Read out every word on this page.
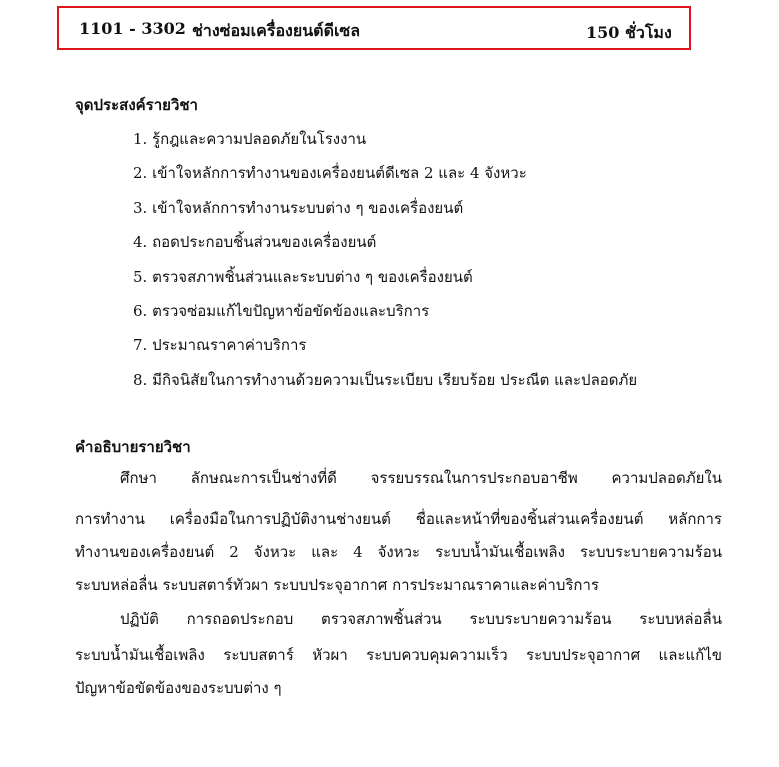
1101 - 3302 ช่างซ่อมเครื่องยนต์ดีเซล	150 ชั่วโมง
จุดประสงค์รายวิชา
1. รู้กฎและความปลอดภัยในโรงงาน
2. เข้าใจหลักการทำงานของเครื่องยนต์ดีเซล 2 และ 4 จังหวะ
3. เข้าใจหลักการทำงานระบบต่าง ๆ ของเครื่องยนต์
4. ถอดประกอบชิ้นส่วนของเครื่องยนต์
5. ตรวจสภาพชิ้นส่วนและระบบต่าง ๆ ของเครื่องยนต์
6. ตรวจซ่อมแก้ไขปัญหาข้อขัดข้องและบริการ
7. ประมาณราคาค่าบริการ
8. มีกิจนิสัยในการทำงานด้วยความเป็นระเบียบ เรียบร้อย ประณีต และปลอดภัย
คำอธิบายรายวิชา
ศึกษา ลักษณะการเป็นช่างที่ดี จรรยบรรณในการประกอบอาชีพ ความปลอดภัยใน
การทำงาน เครื่องมือในการปฏิบัติงานช่างยนต์ ชื่อและหน้าที่ของชิ้นส่วนเครื่องยนต์ หลักการ
ทำงานของเครื่องยนต์ 2 จังหวะ และ 4 จังหวะ ระบบน้ำมันเชื้อเพลิง ระบบระบายความร้อน
ระบบหล่อลื่น ระบบสตาร์ทัวผา ระบบประจุอากาศ การประมาณราคาและค่าบริการ
ปฏิบัติ การถอดประกอบ ตรวจสภาพชิ้นส่วน ระบบระบายความร้อน ระบบหล่อลื่น
ระบบน้ำมันเชื้อเพลิง ระบบสตาร์ หัวผา ระบบควบคุมความเร็ว ระบบประจุอากาศ และแก้ไข
ปัญหาข้อขัดข้องของระบบต่าง ๆ
